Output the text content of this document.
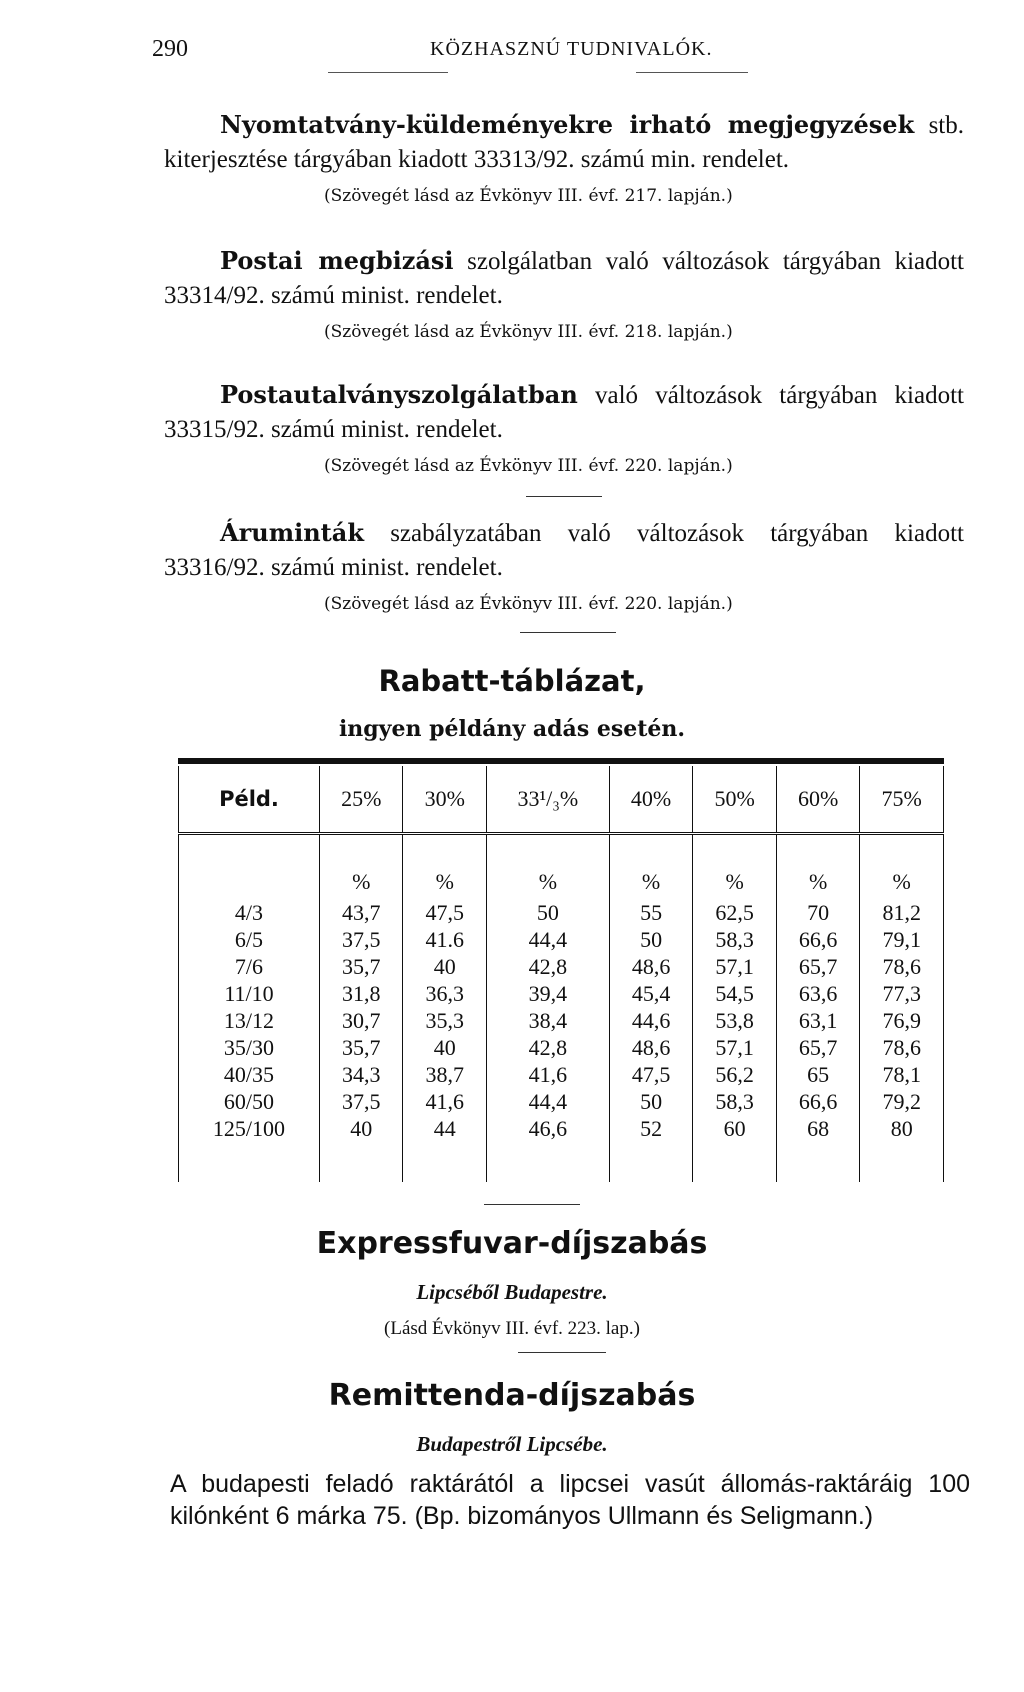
290	KÖZHASZNÚ TUDNIVALÓK.
Nyomtatvány-küldeményekre irható megjegyzések stb. kiterjesztése tárgyában kiadott 33313/92. számú min. rendelet.
(Szövegét lásd az Évkönyv III. évf. 217. lapján.)
Postai megbizási szolgálatban való változások tárgyában kiadott 33314/92. számú minist. rendelet.
(Szövegét lásd az Évkönyv III. évf. 218. lapján.)
Postautalványszolgálatban való változások tárgyában kiadott 33315/92. számú minist. rendelet.
(Szövegét lásd az Évkönyv III. évf. 220. lapján.)
Áruminták szabályzatában való változások tárgyában kiadott 33316/92. számú minist. rendelet.
(Szövegét lásd az Évkönyv III. évf. 220. lapján.)
Rabatt-táblázat,
ingyen példány adás esetén.
Péld.	25%	30%	33¹/₃%	40%	50%	60%	75%
	%	%	%	%	%	%	%
4/3	43,7	47,5	50	55	62,5	70	81,2
6/5	37,5	41.6	44,4	50	58,3	66,6	79,1
7/6	35,7	40	42,8	48,6	57,1	65,7	78,6
11/10	31,8	36,3	39,4	45,4	54,5	63,6	77,3
13/12	30,7	35,3	38,4	44,6	53,8	63,1	76,9
35/30	35,7	40	42,8	48,6	57,1	65,7	78,6
40/35	34,3	38,7	41,6	47,5	56,2	65	78,1
60/50	37,5	41,6	44,4	50	58,3	66,6	79,2
125/100	40	44	46,6	52	60	68	80

Expressfuvar-díjszabás
Lipcséből Budapestre.
(Lásd Évkönyv III. évf. 223. lap.)
Remittenda-díjszabás
Budapestről Lipcsébe.
A budapesti feladó raktárától a lipcsei vasút állomás-raktáráig 100 kilónként 6 márka 75. (Bp. bizományos Ullmann és Seligmann.)
